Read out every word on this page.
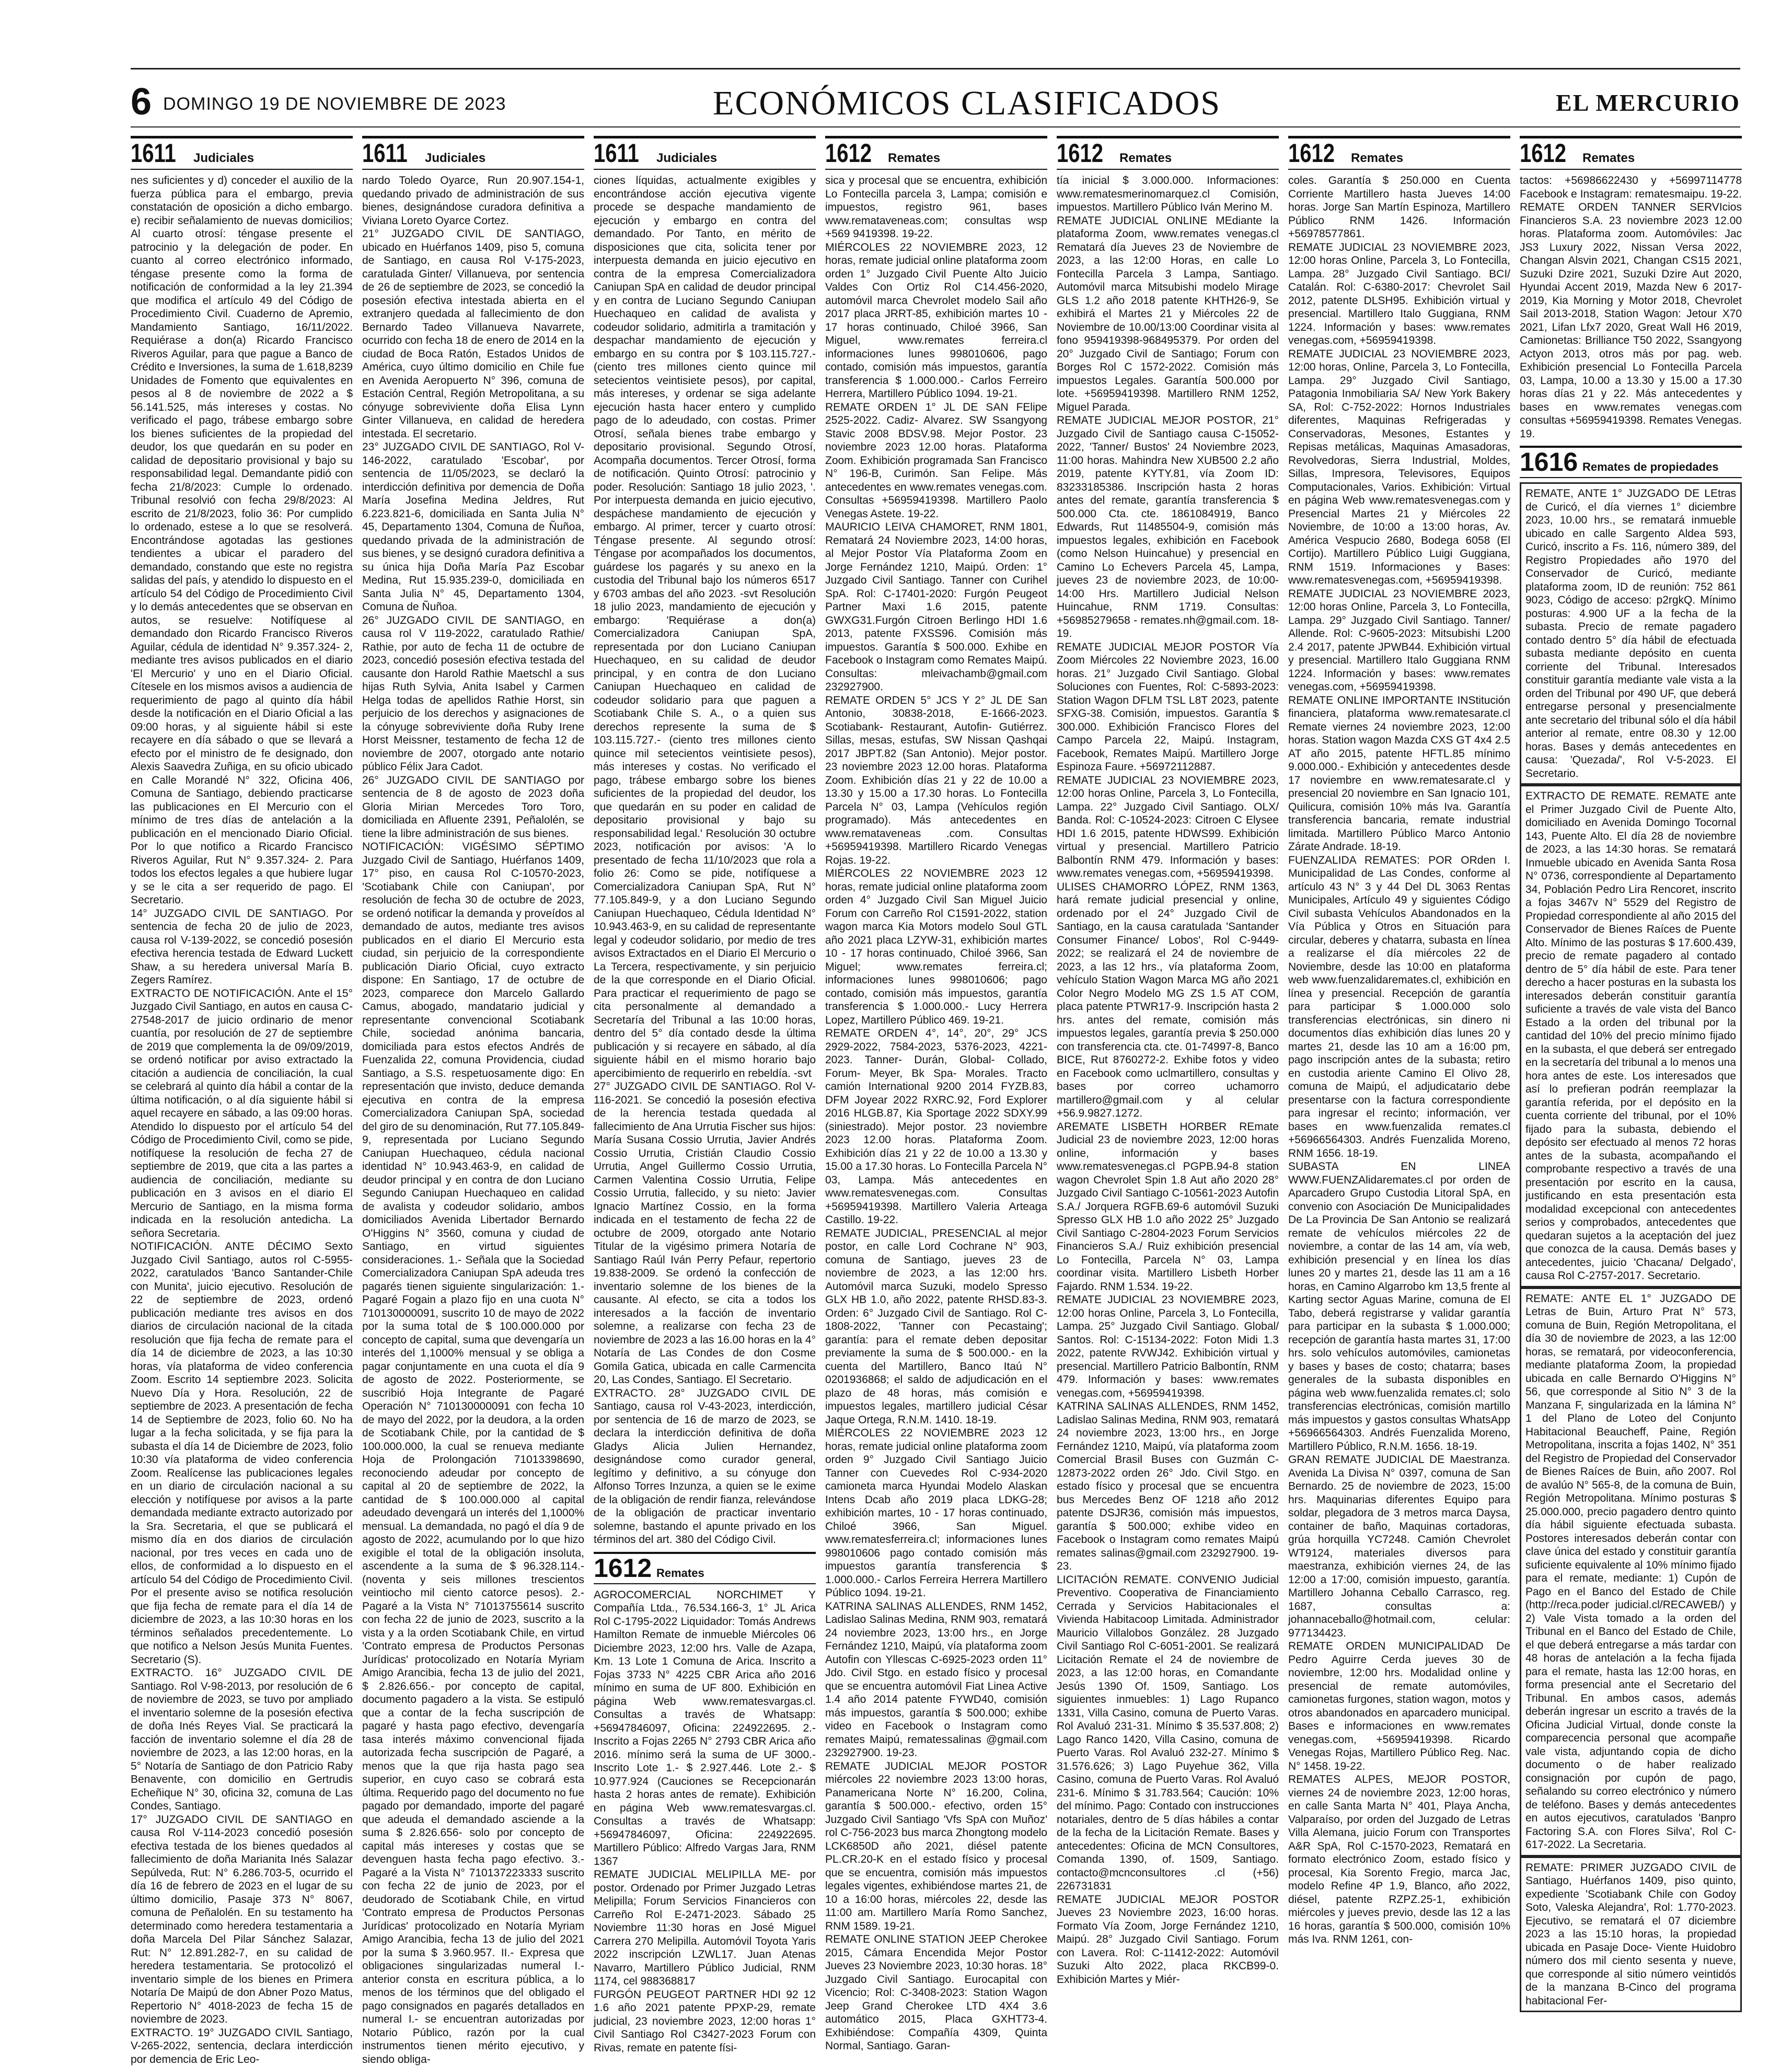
6 DOMINGO 19 DE NOVIEMBRE DE 2023	ECONÓMICOS CLASIFICADOS	EL MERCURIO
1611 Judiciales

nes suficientes y d) conceder el auxilio de la fuerza pública para el embargo, previa constatación de oposición a dicho embargo. e) recibir señalamiento de nuevas domicilios; Al cuarto otrosí: téngase presente el patrocinio y la delegación de poder. En cuanto al correo electrónico informado, téngase presente como la forma de notificación de conformidad a la ley 21.394 que modifica el artículo 49 del Código de Procedimiento Civil. Cuaderno de Apremio, Mandamiento Santiago, 16/11/2022. Requiérase a don(a) Ricardo Francisco Riveros Aguilar, para que pague a Banco de Crédito e Inversiones, la suma de 1.618,8239 Unidades de Fomento que equivalentes en pesos al 8 de noviembre de 2022 a $ 56.141.525, más intereses y costas. No verificado el pago, trábese embargo sobre los bienes suficientes de la propiedad del deudor, los que quedarán en su poder en calidad de depositario provisional y bajo su responsabilidad legal. Demandante pidió con fecha 21/8/2023: Cumple lo ordenado. Tribunal resolvió con fecha 29/8/2023: Al escrito de 21/8/2023, folio 36: Por cumplido lo ordenado, estese a lo que se resolverá. Encontrándose agotadas las gestiones tendientes a ubicar el paradero del demandado, constando que este no registra salidas del país, y atendido lo dispuesto en el artículo 54 del Código de Procedimiento Civil y lo demás antecedentes que se observan en autos, se resuelve: Notifíquese al demandado don Ricardo Francisco Riveros Aguilar, cédula de identidad N° 9.357.324- 2, mediante tres avisos publicados en el diario 'El Mercurio' y uno en el Diario Oficial. Cítesele en los mismos avisos a audiencia de requerimiento de pago al quinto día hábil desde la notificación en el Diario Oficial a las 09:00 horas, y al siguiente hábil si este recayere en día sábado o que se llevará a efecto por el ministro de fe designado, don Alexis Saavedra Zuñiga, en su oficio ubicado en Calle Morandé N° 322, Oficina 406, Comuna de Santiago, debiendo practicarse las publicaciones en El Mercurio con el mínimo de tres días de antelación a la publicación en el mencionado Diario Oficial. Por lo que notifico a Ricardo Francisco Riveros Aguilar, Rut N° 9.357.324- 2. Para todos los efectos legales a que hubiere lugar y se le cita a ser requerido de pago. El Secretario.

14° JUZGADO CIVIL DE SANTIAGO. Por sentencia de fecha 20 de julio de 2023, causa rol V-139-2022, se concedió posesión efectiva herencia testada de Edward Luckett Shaw, a su heredera universal María B. Zegers Ramírez.

EXTRACTO DE NOTIFICACIÓN. Ante el 15° Juzgado Civil Santiago, en autos en causa C-27548-2017 de juicio ordinario de menor cuantía, por resolución de 27 de septiembre de 2019 que complementa la de 09/09/2019, se ordenó notificar por aviso extractado la citación a audiencia de conciliación, la cual se celebrará al quinto día hábil a contar de la última notificación, o al día siguiente hábil si aquel recayere en sábado, a las 09:00 horas. Atendido lo dispuesto por el artículo 54 del Código de Procedimiento Civil, como se pide, notifíquese la resolución de fecha 27 de septiembre de 2019, que cita a las partes a audiencia de conciliación, mediante su publicación en 3 avisos en el diario El Mercurio de Santiago, en la misma forma indicada en la resolución antedicha. La señora Secretaria.

NOTIFICACIÓN. ANTE DÉCIMO Sexto Juzgado Civil Santiago, autos rol C-5955-2022, caratulados 'Banco Santander-Chile con Munita', juicio ejecutivo. Resolución de 22 de septiembre de 2023, ordenó publicación mediante tres avisos en dos diarios de circulación nacional de la citada resolución que fija fecha de remate para el día 14 de diciembre de 2023, a las 10:30 horas, vía plataforma de video conferencia Zoom. Escrito 14 septiembre 2023. Solicita Nuevo Día y Hora. Resolución, 22 de septiembre de 2023. A presentación de fecha 14 de Septiembre de 2023, folio 60. No ha lugar a la fecha solicitada, y se fija para la subasta el día 14 de Diciembre de 2023, folio 10:30 vía plataforma de video conferencia Zoom. Realícense las publicaciones legales en un diario de circulación nacional a su elección y notifíquese por avisos a la parte demandada mediante extracto autorizado por la Sra. Secretaria, el que se publicará el mismo día en dos diarios de circulación nacional, por tres veces en cada uno de ellos, de conformidad a lo dispuesto en el artículo 54 del Código de Procedimiento Civil. Por el presente aviso se notifica resolución que fija fecha de remate para el día 14 de diciembre de 2023, a las 10:30 horas en los términos señalados precedentemente. Lo que notifico a Nelson Jesús Munita Fuentes. Secretario (S).

EXTRACTO. 16° JUZGADO CIVIL DE Santiago. Rol V-98-2013, por resolución de 6 de noviembre de 2023, se tuvo por ampliado el inventario solemne de la posesión efectiva de doña Inés Reyes Vial. Se practicará la facción de inventario solemne el día 28 de noviembre de 2023, a las 12:00 horas, en la 5° Notaría de Santiago de don Patricio Raby Benavente, con domicilio en Gertrudis Echeñique N° 30, oficina 32, comuna de Las Condes, Santiago.

17° JUZGADO CIVIL DE SANTIAGO en causa Rol V-114-2023 concedió posesión efectiva testada de los bienes quedados al fallecimiento de doña Marianita Inés Salazar Sepúlveda, Rut: N° 6.286.703-5, ocurrido el día 16 de febrero de 2023 en el lugar de su último domicilio, Pasaje 373 N° 8067, comuna de Peñalolén. En su testamento ha determinado como heredera testamentaria a doña Marcela Del Pilar Sánchez Salazar, Rut: N° 12.891.282-7, en su calidad de heredera testamentaria. Se protocolizó el inventario simple de los bienes en Primera Notaría De Maipú de don Abner Pozo Matus, Repertorio N° 4018-2023 de fecha 15 de noviembre de 2023.

EXTRACTO. 19° JUZGADO CIVIL Santiago, V-265-2022, sentencia, declara interdicción por demencia de Eric Leo-

1611 Judiciales

nardo Toledo Oyarce, Run 20.907.154-1, quedando privado de administración de sus bienes, designándose curadora definitiva a Viviana Loreto Oyarce Cortez.

21° JUZGADO CIVIL DE SANTIAGO, ubicado en Huérfanos 1409, piso 5, comuna de Santiago, en causa Rol V-175-2023, caratulada Ginter/ Villanueva, por sentencia de 26 de septiembre de 2023, se concedió la posesión efectiva intestada abierta en el extranjero quedada al fallecimiento de don Bernardo Tadeo Villanueva Navarrete, ocurrido con fecha 18 de enero de 2014 en la ciudad de Boca Ratón, Estados Unidos de América, cuyo último domicilio en Chile fue en Avenida Aeropuerto N° 396, comuna de Estación Central, Región Metropolitana, a su cónyuge sobreviviente doña Elisa Lynn Ginter Villanueva, en calidad de heredera intestada. El secretario.

23° JUZGADO CIVIL DE SANTIAGO, Rol V-146-2022, caratulado 'Escobar', por sentencia de 11/05/2023, se declaró la interdicción definitiva por demencia de Doña María Josefina Medina Jeldres, Rut 6.223.821-6, domiciliada en Santa Julia N° 45, Departamento 1304, Comuna de Ñuñoa, quedando privada de la administración de sus bienes, y se designó curadora definitiva a su única hija Doña María Paz Escobar Medina, Rut 15.935.239-0, domiciliada en Santa Julia N° 45, Departamento 1304, Comuna de Ñuñoa.

26° JUZGADO CIVIL DE SANTIAGO, en causa rol V 119-2022, caratulado Rathie/ Rathie, por auto de fecha 11 de octubre de 2023, concedió posesión efectiva testada del causante don Harold Rathie Maetschl a sus hijas Ruth Sylvia, Anita Isabel y Carmen Helga todas de apellidos Rathie Horst, sin perjuicio de los derechos y asignaciones de la cónyuge sobreviviente doña Ruby Irene Horst Meissner, testamento de fecha 12 de noviembre de 2007, otorgado ante notario público Félix Jara Cadot.

26° JUZGADO CIVIL DE SANTIAGO por sentencia de 8 de agosto de 2023 doña Gloria Mirian Mercedes Toro Toro, domiciliada en Afluente 2391, Peñalolén, se tiene la libre administración de sus bienes.

NOTIFICACIÓN: VIGÉSIMO SÉPTIMO Juzgado Civil de Santiago, Huérfanos 1409, 17° piso, en causa Rol C-10570-2023, 'Scotiabank Chile con Caniupan', por resolución de fecha 30 de octubre de 2023, se ordenó notificar la demanda y proveídos al demandado de autos, mediante tres avisos publicados en el diario El Mercurio esta ciudad, sin perjuicio de la correspondiente publicación Diario Oficial, cuyo extracto dispone: En Santiago, 17 de octubre de 2023, comparece don Marcelo Gallardo Camus, abogado, mandatario judicial y representante convencional Scotiabank Chile, sociedad anónima bancaria, domiciliada para estos efectos Andrés de Fuenzalida 22, comuna Providencia, ciudad Santiago, a S.S. respetuosamente digo: En representación que invisto, deduce demanda ejecutiva en contra de la empresa Comercializadora Caniupan SpA, sociedad del giro de su denominación, Rut 77.105.849-9, representada por Luciano Segundo Caniupan Huechaqueo, cédula nacional identidad N° 10.943.463-9, en calidad de deudor principal y en contra de don Luciano Segundo Caniupan Huechaqueo en calidad de avalista y codeudor solidario, ambos domiciliados Avenida Libertador Bernardo O'Higgins N° 3560, comuna y ciudad de Santiago, en virtud siguientes consideraciones. 1.- Señala que la Sociedad Comercializadora Caniupan SpA adeuda tres pagarés tienen siguiente singularización: 1.- Pagaré Fogain a plazo fijo en una cuota N° 710130000091, suscrito 10 de mayo de 2022 por la suma total de $ 100.000.000 por concepto de capital, suma que devengaría un interés del 1,1000% mensual y se obliga a pagar conjuntamente en una cuota el día 9 de agosto de 2022. Posteriormente, se suscribió Hoja Integrante de Pagaré Operación N° 710130000091 con fecha 10 de mayo del 2022, por la deudora, a la orden de Scotiabank Chile, por la cantidad de $ 100.000.000, la cual se renueva mediante Hoja de Prolongación 71013398690, reconociendo adeudar por concepto de capital al 20 de septiembre de 2022, la cantidad de $ 100.000.000 al capital adeudado devengará un interés del 1,1000% mensual. La demandada, no pagó el día 9 de agosto de 2022, acumulando por lo que hizo exigible el total de la obligación insoluta, ascendente a la suma de $ 96.328.114.- (noventa y seis millones trescientos veintiocho mil ciento catorce pesos). 2.- Pagaré a la Vista N° 71013755614 suscrito con fecha 22 de junio de 2023, suscrito a la vista y a la orden Scotiabank Chile, en virtud 'Contrato empresa de Productos Personas Jurídicas' protocolizado en Notaría Myriam Amigo Arancibia, fecha 13 de julio del 2021, $ 2.826.656.- por concepto de capital, documento pagadero a la vista. Se estipuló que a contar de la fecha suscripción de pagaré y hasta pago efectivo, devengaría tasa interés máximo convencional fijada autorizada fecha suscripción de Pagaré, a menos que la que rija hasta pago sea superior, en cuyo caso se cobrará esta última. Requerido pago del documento no fue pagado por demandado, importe del pagaré que adeuda el demandado asciende a la suma $ 2.826.656- solo por concepto de capital más intereses y costas que se devenguen hasta fecha pago efectivo. 3.- Pagaré a la Vista N° 710137223333 suscrito con fecha 22 de junio de 2023, por el deudorado de Scotiabank Chile, en virtud 'Contrato empresa de Productos Personas Jurídicas' protocolizado en Notaría Myriam Amigo Arancibia, fecha 13 de julio del 2021 por la suma $ 3.960.957. II.- Expresa que obligaciones singularizadas numeral I.- anterior consta en escritura pública, a lo menos de los términos que del obligado el pago consignados en pagarés detallados en numeral I.- se encuentran autorizadas por Notario Público, razón por la cual instrumentos tienen mérito ejecutivo, y siendo obliga-

1611 Judiciales

ciones líquidas, actualmente exigibles y encontrándose acción ejecutiva vigente procede se despache mandamiento de ejecución y embargo en contra del demandado. Por Tanto, en mérito de disposiciones que cita, solicita tener por interpuesta demanda en juicio ejecutivo en contra de la empresa Comercializadora Caniupan SpA en calidad de deudor principal y en contra de Luciano Segundo Caniupan Huechaqueo en calidad de avalista y codeudor solidario, admitirla a tramitación y despachar mandamiento de ejecución y embargo en su contra por $ 103.115.727.- (ciento tres millones ciento quince mil setecientos veintisiete pesos), por capital, más intereses, y ordenar se siga adelante ejecución hasta hacer entero y cumplido pago de lo adeudado, con costas. Primer Otrosí, señala bienes trabe embargo y depositario provisional. Segundo Otrosí, Acompaña documentos. Tercer Otrosí, forma de notificación. Quinto Otrosí: patrocinio y poder. Resolución: Santiago 18 julio 2023, '. Por interpuesta demanda en juicio ejecutivo, despáchese mandamiento de ejecución y embargo. Al primer, tercer y cuarto otrosí: Téngase presente. Al segundo otrosí: Téngase por acompañados los documentos, guárdese los pagarés y su anexo en la custodia del Tribunal bajo los números 6517 y 6703 ambas del año 2023. -svt Resolución 18 julio 2023, mandamiento de ejecución y embargo: 'Requiérase a don(a) Comercializadora Caniupan SpA, representada por don Luciano Caniupan Huechaqueo, en su calidad de deudor principal, y en contra de don Luciano Caniupan Huechaqueo en calidad de codeudor solidario para que paguen a Scotiabank Chile S. A., o a quien sus derechos represente la suma de $ 103.115.727.- (ciento tres millones ciento quince mil setecientos veintisiete pesos), más intereses y costas. No verificado el pago, trábese embargo sobre los bienes suficientes de la propiedad del deudor, los que quedarán en su poder en calidad de depositario provisional y bajo su responsabilidad legal.' Resolución 30 octubre 2023, notificación por avisos: 'A lo presentado de fecha 11/10/2023 que rola a folio 26: Como se pide, notifíquese a Comercializadora Caniupan SpA, Rut N° 77.105.849-9, y a don Luciano Segundo Caniupan Huechaqueo, Cédula Identidad N° 10.943.463-9, en su calidad de representante legal y codeudor solidario, por medio de tres avisos Extractados en el Diario El Mercurio o La Tercera, respectivamente, y sin perjuicio de la que corresponde en el Diario Oficial. Para practicar el requerimiento de pago se cita personalmente al demandado a Secretaría del Tribunal a las 10:00 horas, dentro del 5° día contado desde la última publicación y si recayere en sábado, al día siguiente hábil en el mismo horario bajo apercibimiento de requerirlo en rebeldía. -svt

27° JUZGADO CIVIL DE SANTIAGO. Rol V-116-2021. Se concedió la posesión efectiva de la herencia testada quedada al fallecimiento de Ana Urrutia Fischer sus hijos: María Susana Cossio Urrutia, Javier Andrés Cossio Urrutia, Cristián Claudio Cossio Urrutia, Angel Guillermo Cossio Urrutia, Carmen Valentina Cossio Urrutia, Felipe Cossio Urrutia, fallecido, y su nieto: Javier Ignacio Martínez Cossio, en la forma indicada en el testamento de fecha 22 de octubre de 2009, otorgado ante Notario Titular de la vigésimo primera Notaría de Santiago Raúl Iván Perry Pefaur, repertorio 19.838-2009. Se ordenó la confección de inventario solemne de los bienes de la causante. Al efecto, se cita a todos los interesados a la facción de inventario solemne, a realizarse con fecha 23 de noviembre de 2023 a las 16.00 horas en la 4° Notaría de Las Condes de don Cosme Gomila Gatica, ubicada en calle Carmencita 20, Las Condes, Santiago. El Secretario.

EXTRACTO. 28° JUZGADO CIVIL DE Santiago, causa rol V-43-2023, interdicción, por sentencia de 16 de marzo de 2023, se declara la interdicción definitiva de doña Gladys Alicia Julien Hernandez, designándose como curador general, legítimo y definitivo, a su cónyuge don Alfonso Torres Inzunza, a quien se le exime de la obligación de rendir fianza, relevándose de la obligación de practicar inventario solemne, bastando el apunte privado en los términos del art. 380 del Código Civil.

1612 Remates

AGROCOMERCIAL NORCHIMET Y Compañía Ltda., 76.534.166-3, 1° JL Arica Rol C-1795-2022 Liquidador: Tomás Andrews Hamilton Remate de inmueble Miércoles 06 Diciembre 2023, 12:00 hrs. Valle de Azapa, Km. 13 Lote 1 Comuna de Arica. Inscrito a Fojas 3733 N° 4225 CBR Arica año 2016 mínimo en suma de UF 800. Exhibición en página Web www.rematesvargas.cl. Consultas a través de Whatsapp: +56947846097, Oficina: 224922695. 2.- Inscrito a Fojas 2265 N° 2793 CBR Arica año 2016. mínimo será la suma de UF 3000.- Inscrito Lote 1.- $ 2.927.446. Lote 2.- $ 10.977.924 (Cauciones se Recepcionarán hasta 2 horas antes de remate). Exhibición en página Web www.rematesvargas.cl. Consultas a través de Whatsapp: +56947846097, Oficina: 224922695. Martillero Público: Alfredo Vargas Jara, RNM 1367

REMATE JUDICIAL MELIPILLA ME- por postor. Ordenado por Primer Juzgado Letras Melipilla; Forum Servicios Financieros con Carreño Rol E-2471-2023. Sábado 25 Noviembre 11:30 horas en José Miguel Carrera 270 Melipilla. Automóvil Toyota Yaris 2022 inscripción LZWL17. Juan Atenas Navarro, Martillero Público Judicial, RNM 1174, cel 988368817

FURGÓN PEUGEOT PARTNER HDI 92 12 1.6 año 2021 patente PPXP-29, remate judicial, 23 noviembre 2023, 12:00 horas 1° Civil Santiago Rol C3427-2023 Forum con Rivas, remate en patente físi-

1612 Remates

sica y procesal que se encuentra, exhibición Lo Fontecilla parcela 3, Lampa; comisión e impuestos, registro 961, bases www.remataveneas.com; consultas wsp +569 9419398. 19-22.

MIÉRCOLES 22 NOVIEMBRE 2023, 12 horas, remate judicial online plataforma zoom orden 1° Juzgado Civil Puente Alto Juicio Valdes Con Ortiz Rol C14.456-2020, automóvil marca Chevrolet modelo Sail año 2017 placa JRRT-85, exhibición martes 10 - 17 horas continuado, Chiloé 3966, San Miguel, www.remates ferreira.cl informaciones lunes 998010606, pago contado, comisión más impuestos, garantía transferencia $ 1.000.000.- Carlos Ferreiro Herrera, Martillero Público 1094. 19-21.

REMATE ORDEN 1° JL DE SAN FElipe 2525-2022. Cadiz- Alvarez. SW Ssangyong Stavic 2008 BDSV.98. Mejor Postor. 23 noviembre 2023 12.00 horas. Plataforma Zoom. Exhibición programada San Francisco N° 196-B, Curimón. San Felipe. Más antecedentes en www.remates venegas.com. Consultas +56959419398. Martillero Paolo Venegas Astete. 19-22.

MAURICIO LEIVA CHAMORET, RNM 1801, Rematará 24 Noviembre 2023, 14:00 horas, al Mejor Postor Vía Plataforma Zoom en Jorge Fernández 1210, Maipú. Orden: 1° Juzgado Civil Santiago. Tanner con Curihel SpA. Rol: C-17401-2020: Furgón Peugeot Partner Maxi 1.6 2015, patente GWXG31.Furgón Citroen Berlingo HDI 1.6 2013, patente FXSS96. Comisión más impuestos. Garantía $ 500.000. Exhibe en Facebook o Instagram como Remates Maipú. Consultas: mleivachamb@gmail.com 232927900.

REMATE ORDEN 5° JCS Y 2° JL DE San Antonio, 30838-2018, E-1666-2023. Scotiabank- Restaurant, Autofin- Gutiérrez. Sillas, mesas, estufas, SW Nissan Qashqai 2017 JBPT.82 (San Antonio). Mejor postor. 23 noviembre 2023 12.00 horas. Plataforma Zoom. Exhibición días 21 y 22 de 10.00 a 13.30 y 15.00 a 17.30 horas. Lo Fontecilla Parcela N° 03, Lampa (Vehículos región programado). Más antecedentes en www.remataveneas .com. Consultas +56959419398. Martillero Ricardo Venegas Rojas. 19-22.

MIÉRCOLES 22 NOVIEMBRE 2023 12 horas, remate judicial online plataforma zoom orden 4° Juzgado Civil San Miguel Juicio Forum con Carreño Rol C1591-2022, station wagon marca Kia Motors modelo Soul GTL año 2021 placa LZYW-31, exhibición martes 10 - 17 horas continuado, Chiloé 3966, San Miguel; www.remates ferreira.cl; informaciones lunes 998010606; pago contado, comisión más impuestos, garantía transferencia $ 1.000.000.- Lucy Herrera Lopez, Martillero Público 469. 19-21.

REMATE ORDEN 4°, 14°, 20°, 29° JCS 2929-2022, 7584-2023, 5376-2023, 4221-2023. Tanner- Durán, Global- Collado, Forum- Meyer, Bk Spa- Morales. Tracto camión International 9200 2014 FYZB.83, DFM Joyear 2022 RXRC.92, Ford Explorer 2016 HLGB.87, Kia Sportage 2022 SDXY.99 (siniestrado). Mejor postor. 23 noviembre 2023 12.00 horas. Plataforma Zoom. Exhibición días 21 y 22 de 10.00 a 13.30 y 15.00 a 17.30 horas. Lo Fontecilla Parcela N° 03, Lampa. Más antecedentes en www.rematesvenegas.com. Consultas +56959419398. Martillero Valeria Arteaga Castillo. 19-22.

REMATE JUDICIAL, PRESENCIAL al mejor postor, en calle Lord Cochrane N° 903, comuna de Santiago, jueves 23 de noviembre de 2023, a las 12:00 hrs. Automóvil marca Suzuki, modelo Spresso GLX HB 1.0, año 2022, patente RHSD.83-3. Orden: 6° Juzgado Civil de Santiago. Rol C-1808-2022, 'Tanner con Pecastaing'; garantía: para el remate deben depositar previamente la suma de $ 500.000.- en la cuenta del Martillero, Banco Itaú N° 0201936868; el saldo de adjudicación en el plazo de 48 horas, más comisión e impuestos legales, martillero judicial César Jaque Ortega, R.N.M. 1410. 18-19.

MIÉRCOLES 22 NOVIEMBRE 2023 12 horas, remate judicial online plataforma zoom orden 9° Juzgado Civil Santiago Juicio Tanner con Cuevedes Rol C-934-2020 camioneta marca Hyundai Modelo Alaskan Intens Dcab año 2019 placa LDKG-28; exhibición martes, 10 - 17 horas continuado, Chiloé 3966, San Miguel. www.rematesferreira.cl; informaciones lunes 998010606 pago contado comisión más impuestos garantía transferencia $ 1.000.000.- Carlos Ferreira Herrera Martillero Público 1094. 19-21.

KATRINA SALINAS ALLENDES, RNM 1452, Ladislao Salinas Medina, RNM 903, rematará 24 noviembre 2023, 13:00 hrs., en Jorge Fernández 1210, Maipú, vía plataforma zoom Autofin con Yllescas C-6925-2023 orden 11° Jdo. Civil Stgo. en estado físico y procesal que se encuentra automóvil Fiat Linea Active 1.4 año 2014 patente FYWD40, comisión más impuestos, garantía $ 500.000; exhibe video en Facebook o Instagram como remates Maipú, rematessalinas @gmail.com 232927900. 19-23.

REMATE JUDICIAL MEJOR POSTOR miércoles 22 noviembre 2023 13:00 horas, Panamericana Norte N° 16.200, Colina, garantía $ 500.000.- efectivo, orden 15° Juzgado Civil Santiago 'Vfs SpA con Muñoz' rol C-756-2023 bus marca Zhongtong modelo LCK6850D año 2021, diésel patente PL.CR.20-K en el estado físico y procesal que se encuentra, comisión más impuestos legales vigentes, exhibiéndose martes 21, de 10 a 16:00 horas, miércoles 22, desde las 11:00 am. Martillero María Romo Sanchez, RNM 1589. 19-21.

REMATE ONLINE STATION JEEP Cherokee 2015, Cámara Encendida Mejor Postor Jueves 23 Noviembre 2023, 10:30 horas. 18° Juzgado Civil Santiago. Eurocapital con Vicencio; Rol: C-3408-2023: Station Wagon Jeep Grand Cherokee LTD 4X4 3.6 automático 2015, Placa GXHT73-4. Exhibiéndose: Compañía 4309, Quinta Normal, Santiago. Garan-

1612 Remates

tía inicial $ 3.000.000. Informaciones: www.rematesmerinomarquez.cl Comisión, impuestos. Martillero Público Iván Merino M.

REMATE JUDICIAL ONLINE MEdiante la plataforma Zoom, www.remates venegas.cl Rematará día Jueves 23 de Noviembre de 2023, a las 12:00 Horas, en calle Lo Fontecilla Parcela 3 Lampa, Santiago. Automóvil marca Mitsubishi modelo Mirage GLS 1.2 año 2018 patente KHTH26-9, Se exhibirá el Martes 21 y Miércoles 22 de Noviembre de 10.00/13:00 Coordinar visita al fono 959419398-968495379. Por orden del 20° Juzgado Civil de Santiago; Forum con Borges Rol C 1572-2022. Comisión más impuestos Legales. Garantía 500.000 por lote. +56959419398. Martillero RNM 1252, Miguel Parada.

REMATE JUDICIAL MEJOR POSTOR, 21° Juzgado Civil de Santiago causa C-15052-2022, 'Tanner/ Bustos' 24 Noviembre 2023, 11:00 horas. Mahindra New XUB500 2.2 año 2019, patente KYTY.81, vía Zoom ID: 83233185386. Inscripción hasta 2 horas antes del remate, garantía transferencia $ 500.000 Cta. cte. 1861084919, Banco Edwards, Rut 11485504-9, comisión más impuestos legales, exhibición en Facebook (como Nelson Huincahue) y presencial en Camino Lo Echevers Parcela 45, Lampa, jueves 23 de noviembre 2023, de 10:00- 14:00 Hrs. Martillero Judicial Nelson Huincahue, RNM 1719. Consultas: +56985279658 - remates.nh@gmail.com. 18-19.

REMATE JUDICIAL MEJOR POSTOR Vía Zoom Miércoles 22 Noviembre 2023, 16.00 horas. 21° Juzgado Civil Santiago. Global Soluciones con Fuentes, Rol: C-5893-2023: Station Wagon DFLM TSL L8T 2023, patente SFXG-38. Comisión, impuestos. Garantía $ 300.000. Exhibición Francisco Flores del Campo Parcela 22, Maipú. Instagram, Facebook, Remates Maipú. Martillero Jorge Espinoza Faure. +56972112887.

REMATE JUDICIAL 23 NOVIEMBRE 2023, 12:00 horas Online, Parcela 3, Lo Fontecilla, Lampa. 22° Juzgado Civil Santiago. OLX/ Banda. Rol: C-10524-2023: Citroen C Elysee HDI 1.6 2015, patente HDWS99. Exhibición virtual y presencial. Martillero Patricio Balbontín RNM 479. Información y bases: www.remates venegas.com, +56959419398.

ULISES CHAMORRO LÓPEZ, RNM 1363, hará remate judicial presencial y online, ordenado por el 24° Juzgado Civil de Santiago, en la causa caratulada 'Santander Consumer Finance/ Lobos', Rol C-9449-2022; se realizará el 24 de noviembre de 2023, a las 12 hrs., vía plataforma Zoom, vehículo Station Wagon Marca MG año 2021 Color Negro Modelo MG ZS 1.5 AT COM, placa patente PTWR17-9. Inscripción hasta 2 hrs. antes del remate, comisión más impuestos legales, garantía previa $ 250.000 con transferencia cta. cte. 01-74997-8, Banco BICE, Rut 8760272-2. Exhibe fotos y video en Facebook como uclmartillero, consultas y bases por correo uchamorro martillero@gmail.com y al celular +56.9.9827.1272.

AREMATE LISBETH HORBER REmate Judicial 23 de noviembre 2023, 12:00 horas online, información y bases www.rematesvenegas.cl PGPB.94-8 station wagon Chevrolet Spin 1.8 Aut año 2020 28° Juzgado Civil Santiago C-10561-2023 Autofin S.A./ Jorquera RGFB.69-6 automóvil Suzuki Spresso GLX HB 1.0 año 2022 25° Juzgado Civil Santiago C-2804-2023 Forum Servicios Financieros S.A./ Ruiz exhibición presencial Lo Fontecilla, Parcela N° 03, Lampa coordinar visita. Martillero Lisbeth Horber Fajardo. RNM 1.534. 19-22.

REMATE JUDICIAL 23 NOVIEMBRE 2023, 12:00 horas Online, Parcela 3, Lo Fontecilla, Lampa. 25° Juzgado Civil Santiago. Global/ Santos. Rol: C-15134-2022: Foton Midi 1.3 2022, patente RVWJ42. Exhibición virtual y presencial. Martillero Patricio Balbontín, RNM 479. Información y bases: www.remates venegas.com, +56959419398.

KATRINA SALINAS ALLENDES, RNM 1452, Ladislao Salinas Medina, RNM 903, rematará 24 noviembre 2023, 13:00 hrs., en Jorge Fernández 1210, Maipú, vía plataforma zoom Comercial Brasil Buses con Guzmán C-12873-2022 orden 26° Jdo. Civil Stgo. en estado físico y procesal que se encuentra bus Mercedes Benz OF 1218 año 2012 patente DSJR36, comisión más impuestos, garantía $ 500.000; exhibe video en Facebook o Instagram como remates Maipú remates salinas@gmail.com 232927900. 19-23.

LICITACIÓN REMATE. CONVENIO Judicial Preventivo. Cooperativa de Financiamiento Cerrada y Servicios Habitacionales el Vivienda Habitacoop Limitada. Administrador Mauricio Villalobos González. 28 Juzgado Civil Santiago Rol C-6051-2001. Se realizará Licitación Remate el 24 de noviembre de 2023, a las 12:00 horas, en Comandante Jesús 1390 Of. 1509, Santiago. Los siguientes inmuebles: 1) Lago Rupanco 1331, Villa Casino, comuna de Puerto Varas. Rol Avaluó 231-31. Mínimo $ 35.537.808; 2) Lago Ranco 1420, Villa Casino, comuna de Puerto Varas. Rol Avaluó 232-27. Mínimo $ 31.576.626; 3) Lago Puyehue 362, Villa Casino, comuna de Puerto Varas. Rol Avaluó 231-6. Mínimo $ 31.783.564; Caución: 10% del mínimo. Pago: Contado con instrucciones notariales, dentro de 5 días hábiles a contar de la fecha de la Licitación Remate. Bases y antecedentes: Oficina de MCN Consultores, Comanda 1390, of. 1509, Santiago. contacto@mcnconsultores .cl (+56) 226731831

REMATE JUDICIAL MEJOR POSTOR Jueves 23 Noviembre 2023, 16:00 horas. Formato Vía Zoom, Jorge Fernández 1210, Maipú. 28° Juzgado Civil Santiago. Forum con Lavera. Rol: C-11412-2022: Automóvil Suzuki Alto 2022, placa RKCB99-0. Exhibición Martes y Miér-

1612 Remates

coles. Garantía $ 250.000 en Cuenta Corriente Martillero hasta Jueves 14:00 horas. Jorge San Martín Espinoza, Martillero Público RNM 1426. Información +56978577861.

REMATE JUDICIAL 23 NOVIEMBRE 2023, 12:00 horas Online, Parcela 3, Lo Fontecilla, Lampa. 28° Juzgado Civil Santiago. BCI/ Catalán. Rol: C-6380-2017: Chevrolet Sail 2012, patente DLSH95. Exhibición virtual y presencial. Martillero Italo Guggiana, RNM 1224. Información y bases: www.remates venegas.com, +56959419398.

REMATE JUDICIAL 23 NOVIEMBRE 2023, 12:00 horas, Online, Parcela 3, Lo Fontecilla, Lampa. 29° Juzgado Civil Santiago, Patagonia Inmobiliaria SA/ New York Bakery SA, Rol: C-752-2022: Hornos Industriales diferentes, Maquinas Refrigeradas y Conservadoras, Mesones, Estantes y Repisas metálicas, Maquinas Amasadoras, Revolvedoras, Sierra Industrial, Moldes, Sillas, Impresora, Televisores, Equipos Computacionales, Varios. Exhibición: Virtual en página Web www.rematesvenegas.com y Presencial Martes 21 y Miércoles 22 Noviembre, de 10:00 a 13:00 horas, Av. América Vespucio 2680, Bodega 6058 (El Cortijo). Martillero Público Luigi Guggiana, RNM 1519. Informaciones y Bases: www.rematesvenegas.com, +56959419398.

REMATE JUDICIAL 23 NOVIEMBRE 2023, 12:00 horas Online, Parcela 3, Lo Fontecilla, Lampa. 29° Juzgado Civil Santiago. Tanner/ Allende. Rol: C-9605-2023: Mitsubishi L200 2.4 2017, patente JPWB44. Exhibición virtual y presencial. Martillero Italo Guggiana RNM 1224. Información y bases: www.remates venegas.com, +56959419398.

REMATE ONLINE IMPORTANTE INStitución financiera, plataforma www.rematesarate.cl Remate viernes 24 noviembre 2023, 12:00 horas. Station wagon Mazda CXS GT 4x4 2.5 AT año 2015, patente HFTL.85 mínimo 9.000.000.- Exhibición y antecedentes desde 17 noviembre en www.rematesarate.cl y presencial 20 noviembre en San Ignacio 101, Quilicura, comisión 10% más Iva. Garantía transferencia bancaria, remate industrial limitada. Martillero Público Marco Antonio Zárate Andrade. 18-19.

FUENZALIDA REMATES: POR ORden I. Municipalidad de Las Condes, conforme al artículo 43 N° 3 y 44 Del DL 3063 Rentas Municipales, Artículo 49 y siguientes Código Civil subasta Vehículos Abandonados en la Vía Pública y Otros en Situación para circular, deberes y chatarra, subasta en línea a realizarse el día miércoles 22 de Noviembre, desde las 10:00 en plataforma web www.fuenzalidaremates.cl, exhibición en línea y presencial. Recepción de garantía para participar $ 1.000.000 solo transferencias electrónicas, sin dinero ni documentos días exhibición días lunes 20 y martes 21, desde las 10 am a 16:00 pm, pago inscripción antes de la subasta; retiro en custodia ariente Camino El Olivo 28, comuna de Maipú, el adjudicatario debe presentarse con la factura correspondiente para ingresar el recinto; información, ver bases en www.fuenzalida remates.cl +56966564303. Andrés Fuenzalida Moreno, RNM 1656. 18-19.

SUBASTA EN LINEA WWW.FUENZAlidaremates.cl por orden de Aparcadero Grupo Custodia Litoral SpA, en convenio con Asociación De Municipalidades De La Provincia De San Antonio se realizará remate de vehículos miércoles 22 de noviembre, a contar de las 14 am, vía web, exhibición presencial y en línea los días lunes 20 y martes 21, desde las 11 am a 16 horas, en Camino Algarrobo km 13,5 frente al Karting sector Aguas Marine, comuna de El Tabo, deberá registrarse y validar garantía para participar en la subasta $ 1.000.000; recepción de garantía hasta martes 31, 17:00 hrs. solo vehículos automóviles, camionetas y bases y bases de costo; chatarra; bases generales de la subasta disponibles en página web www.fuenzalida remates.cl; solo transferencias electrónicas, comisión martillo más impuestos y gastos consultas WhatsApp +56966564303. Andrés Fuenzalida Moreno, Martillero Público, R.N.M. 1656. 18-19.

GRAN REMATE JUDICIAL DE Maestranza. Avenida La Divisa N° 0397, comuna de San Bernardo. 25 de noviembre de 2023, 15:00 hrs. Maquinarias diferentes Equipo para soldar, plegadora de 3 metros marca Daysa, container de baño, Maquinas cortadoras, grúa horquilla YC7248. Camión Chevrolet WT9124, materiales diversos para maestranza, exhibición viernes 24, de las 12:00 a 17:00, comisión impuesto, garantía. Martillero Johanna Ceballo Carrasco, reg. 1687, consultas a: johannaceballo@hotmail.com, celular: 977134423.

REMATE ORDEN MUNICIPALIDAD De Pedro Aguirre Cerda jueves 30 de noviembre, 12:00 hrs. Modalidad online y presencial de remate automóviles, camionetas furgones, station wagon, motos y otros abandonados en aparcadero municipal. Bases e informaciones en www.remates venegas.com, +56959419398. Ricardo Venegas Rojas, Martillero Público Reg. Nac. N° 1458. 19-22.

REMATES ALPES, MEJOR POSTOR, viernes 24 de noviembre 2023, 12:00 horas, en calle Santa Marta N° 401, Playa Ancha, Valparaíso, por orden del Juzgado de Letras Villa Alemana, juicio Forum con Transportes A&R SpA, Rol C-1570-2023, Rematará en formato electrónico Zoom, estado físico y procesal, Kia Sorento Fregio, marca Jac, modelo Refine 4P 1.9, Blanco, año 2022, diésel, patente RZPZ.25-1, exhibición miércoles y jueves previo, desde las 12 a las 16 horas, garantía $ 500.000, comisión 10% más Iva. RNM 1261, con-

1612 Remates

tactos: +56986622430 y +56997114778 Facebook e Instagram: rematesmaipu. 19-22.

REMATE ORDEN TANNER SERVIcios Financieros S.A. 23 noviembre 2023 12.00 horas. Plataforma zoom. Automóviles: Jac JS3 Luxury 2022, Nissan Versa 2022, Changan Alsvin 2021, Changan CS15 2021, Suzuki Dzire 2021, Suzuki Dzire Aut 2020, Hyundai Accent 2019, Mazda New 6 2017-2019, Kia Morning y Motor 2018, Chevrolet Sail 2013-2018, Station Wagon: Jetour X70 2021, Lifan Lfx7 2020, Great Wall H6 2019, Camionetas: Brilliance T50 2022, Ssangyong Actyon 2013, otros más por pag. web. Exhibición presencial Lo Fontecilla Parcela 03, Lampa, 10.00 a 13.30 y 15.00 a 17.30 horas días 21 y 22. Más antecedentes y bases en www.remates venegas.com consultas +56959419398. Remates Venegas. 19.

1616 Remates de propiedades

REMATE, ANTE 1° JUZGADO DE LEtras de Curicó, el día viernes 1° diciembre 2023, 10.00 hrs., se rematará inmueble ubicado en calle Sargento Aldea 593, Curicó, inscrito a Fs. 116, número 389, del Registro Propiedades año 1970 del Conservador de Curicó, mediante plataforma zoom, ID de reunión: 752 861 9023, Código de acceso: p2rgkQ. Mínimo posturas: 4.900 UF a la fecha de la subasta. Precio de remate pagadero contado dentro 5° día hábil de efectuada subasta mediante depósito en cuenta corriente del Tribunal. Interesados constituir garantía mediante vale vista a la orden del Tribunal por 490 UF, que deberá entregarse personal y presencialmente ante secretario del tribunal sólo el día hábil anterior al remate, entre 08.30 y 12.00 horas. Bases y demás antecedentes en causa: 'Quezada/', Rol V-5-2023. El Secretario.

EXTRACTO DE REMATE. REMATE ante el Primer Juzgado Civil de Puente Alto, domiciliado en Avenida Domingo Tocornal 143, Puente Alto. El día 28 de noviembre de 2023, a las 14:30 horas. Se rematará Inmueble ubicado en Avenida Santa Rosa N° 0736, correspondiente al Departamento 34, Población Pedro Lira Rencoret, inscrito a fojas 3467v N° 5529 del Registro de Propiedad correspondiente al año 2015 del Conservador de Bienes Raíces de Puente Alto. Mínimo de las posturas $ 17.600.439, precio de remate pagadero al contado dentro de 5° día hábil de este. Para tener derecho a hacer posturas en la subasta los interesados deberán constituir garantía suficiente a través de vale vista del Banco Estado a la orden del tribunal por la cantidad del 10% del precio mínimo fijado en la subasta, el que deberá ser entregado en la secretaría del tribunal a lo menos una hora antes de este. Los interesados que así lo prefieran podrán reemplazar la garantía referida, por el depósito en la cuenta corriente del tribunal, por el 10% fijado para la subasta, debiendo el depósito ser efectuado al menos 72 horas antes de la subasta, acompañando el comprobante respectivo a través de una presentación por escrito en la causa, justificando en esta presentación esta modalidad excepcional con antecedentes serios y comprobados, antecedentes que quedaran sujetos a la aceptación del juez que conozca de la causa. Demás bases y antecedentes, juicio 'Chacana/ Delgado', causa Rol C-2757-2017. Secretario.

REMATE: ANTE EL 1° JUZGADO DE Letras de Buin, Arturo Prat N° 573, comuna de Buin, Región Metropolitana, el día 30 de noviembre de 2023, a las 12:00 horas, se rematará, por videoconferencia, mediante plataforma Zoom, la propiedad ubicada en calle Bernardo O'Higgins N° 56, que corresponde al Sitio N° 3 de la Manzana F, singularizada en la lámina N° 1 del Plano de Loteo del Conjunto Habitacional Beaucheff, Paine, Región Metropolitana, inscrita a fojas 1402, N° 351 del Registro de Propiedad del Conservador de Bienes Raíces de Buin, año 2007. Rol de avalúo N° 565-8, de la comuna de Buin, Región Metropolitana. Mínimo posturas $ 25.000.000, precio pagadero dentro quinto día hábil siguiente efectuada subasta. Postores interesados deberán contar con clave única del estado y constituir garantía suficiente equivalente al 10% mínimo fijado para el remate, mediante: 1) Cupón de Pago en el Banco del Estado de Chile (http://reca.poder judicial.cl/RECAWEB/) y 2) Vale Vista tomado a la orden del Tribunal en el Banco del Estado de Chile, el que deberá entregarse a más tardar con 48 horas de antelación a la fecha fijada para el remate, hasta las 12:00 horas, en forma presencial ante el Secretario del Tribunal. En ambos casos, además deberán ingresar un escrito a través de la Oficina Judicial Virtual, donde conste la comparecencia personal que acompañe vale vista, adjuntando copia de dicho documento o de haber realizado consignación por cupón de pago, señalando su correo electrónico y número de teléfono. Bases y demás antecedentes en autos ejecutivos, caratulados 'Banpro Factoring S.A. con Flores Silva', Rol C-617-2022. La Secretaria.

REMATE: PRIMER JUZGADO CIVIL de Santiago, Huérfanos 1409, piso quinto, expediente 'Scotiabank Chile con Godoy Soto, Valeska Alejandra', Rol: 1.770-2023. Ejecutivo, se rematará el 07 diciembre 2023 a las 15:10 horas, la propiedad ubicada en Pasaje Doce- Viente Huidobro número dos mil ciento sesenta y nueve, que corresponde al sitio número veintidós de la manzana B-Cinco del programa habitacional Fer-
